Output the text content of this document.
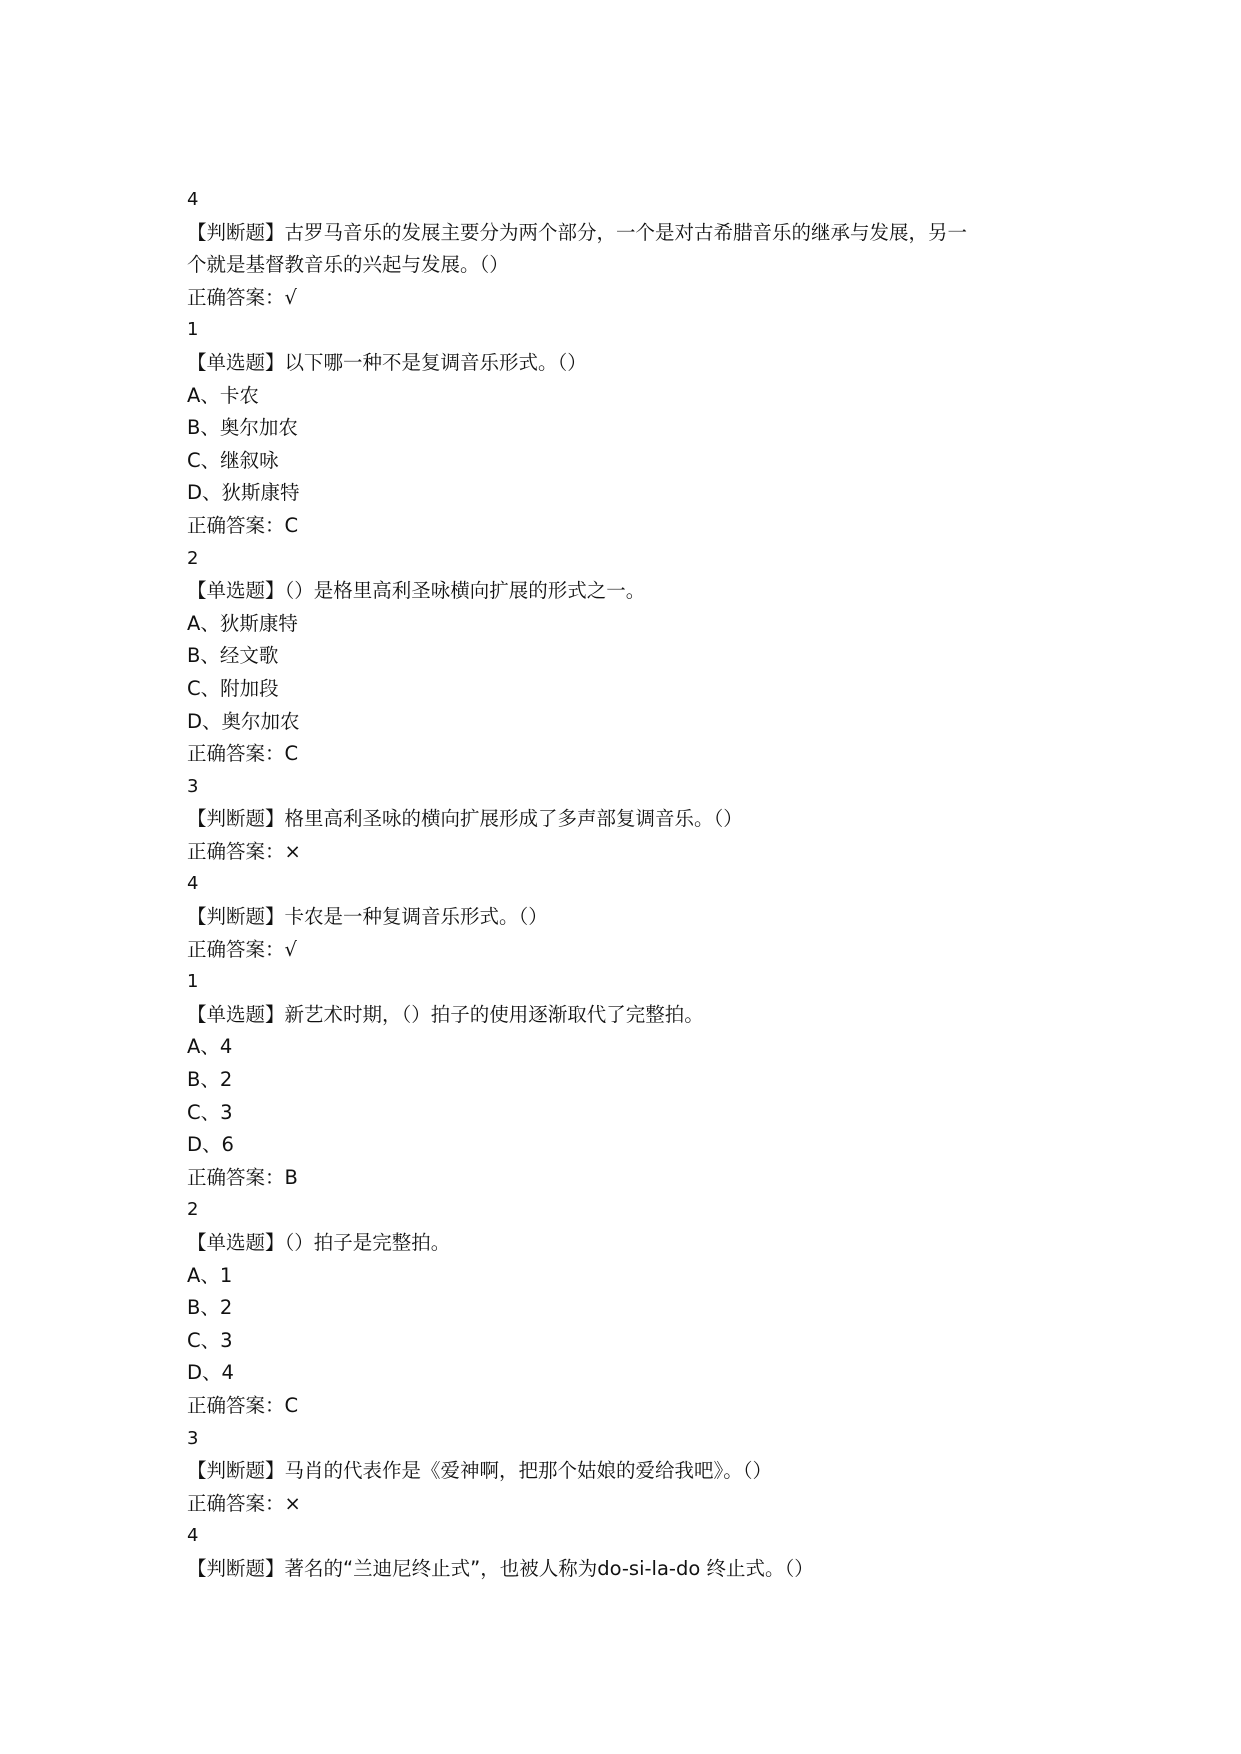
4
【判断题】古罗马音乐的发展主要分为两个部分，一个是对古希腊音乐的继承与发展，另一
个就是基督教音乐的兴起与发展。（）
正确答案：√
1
【单选题】以下哪一种不是复调音乐形式。（）
A、卡农
B、奥尔加农
C、继叙咏
D、狄斯康特
正确答案：C
2
【单选题】（）是格里高利圣咏横向扩展的形式之一。
A、狄斯康特
B、经文歌
C、附加段
D、奥尔加农
正确答案：C
3
【判断题】格里高利圣咏的横向扩展形成了多声部复调音乐。（）
正确答案：×
4
【判断题】卡农是一种复调音乐形式。（）
正确答案：√
1
【单选题】新艺术时期，（）拍子的使用逐渐取代了完整拍。
A、4
B、2
C、3
D、6
正确答案：B
2
【单选题】（）拍子是完整拍。
A、1
B、2
C、3
D、4
正确答案：C
3
【判断题】马肖的代表作是《爱神啊，把那个姑娘的爱给我吧》。（）
正确答案：×
4
【判断题】著名的“兰迪尼终止式”，也被人称为do-si-la-do 终止式。（）
